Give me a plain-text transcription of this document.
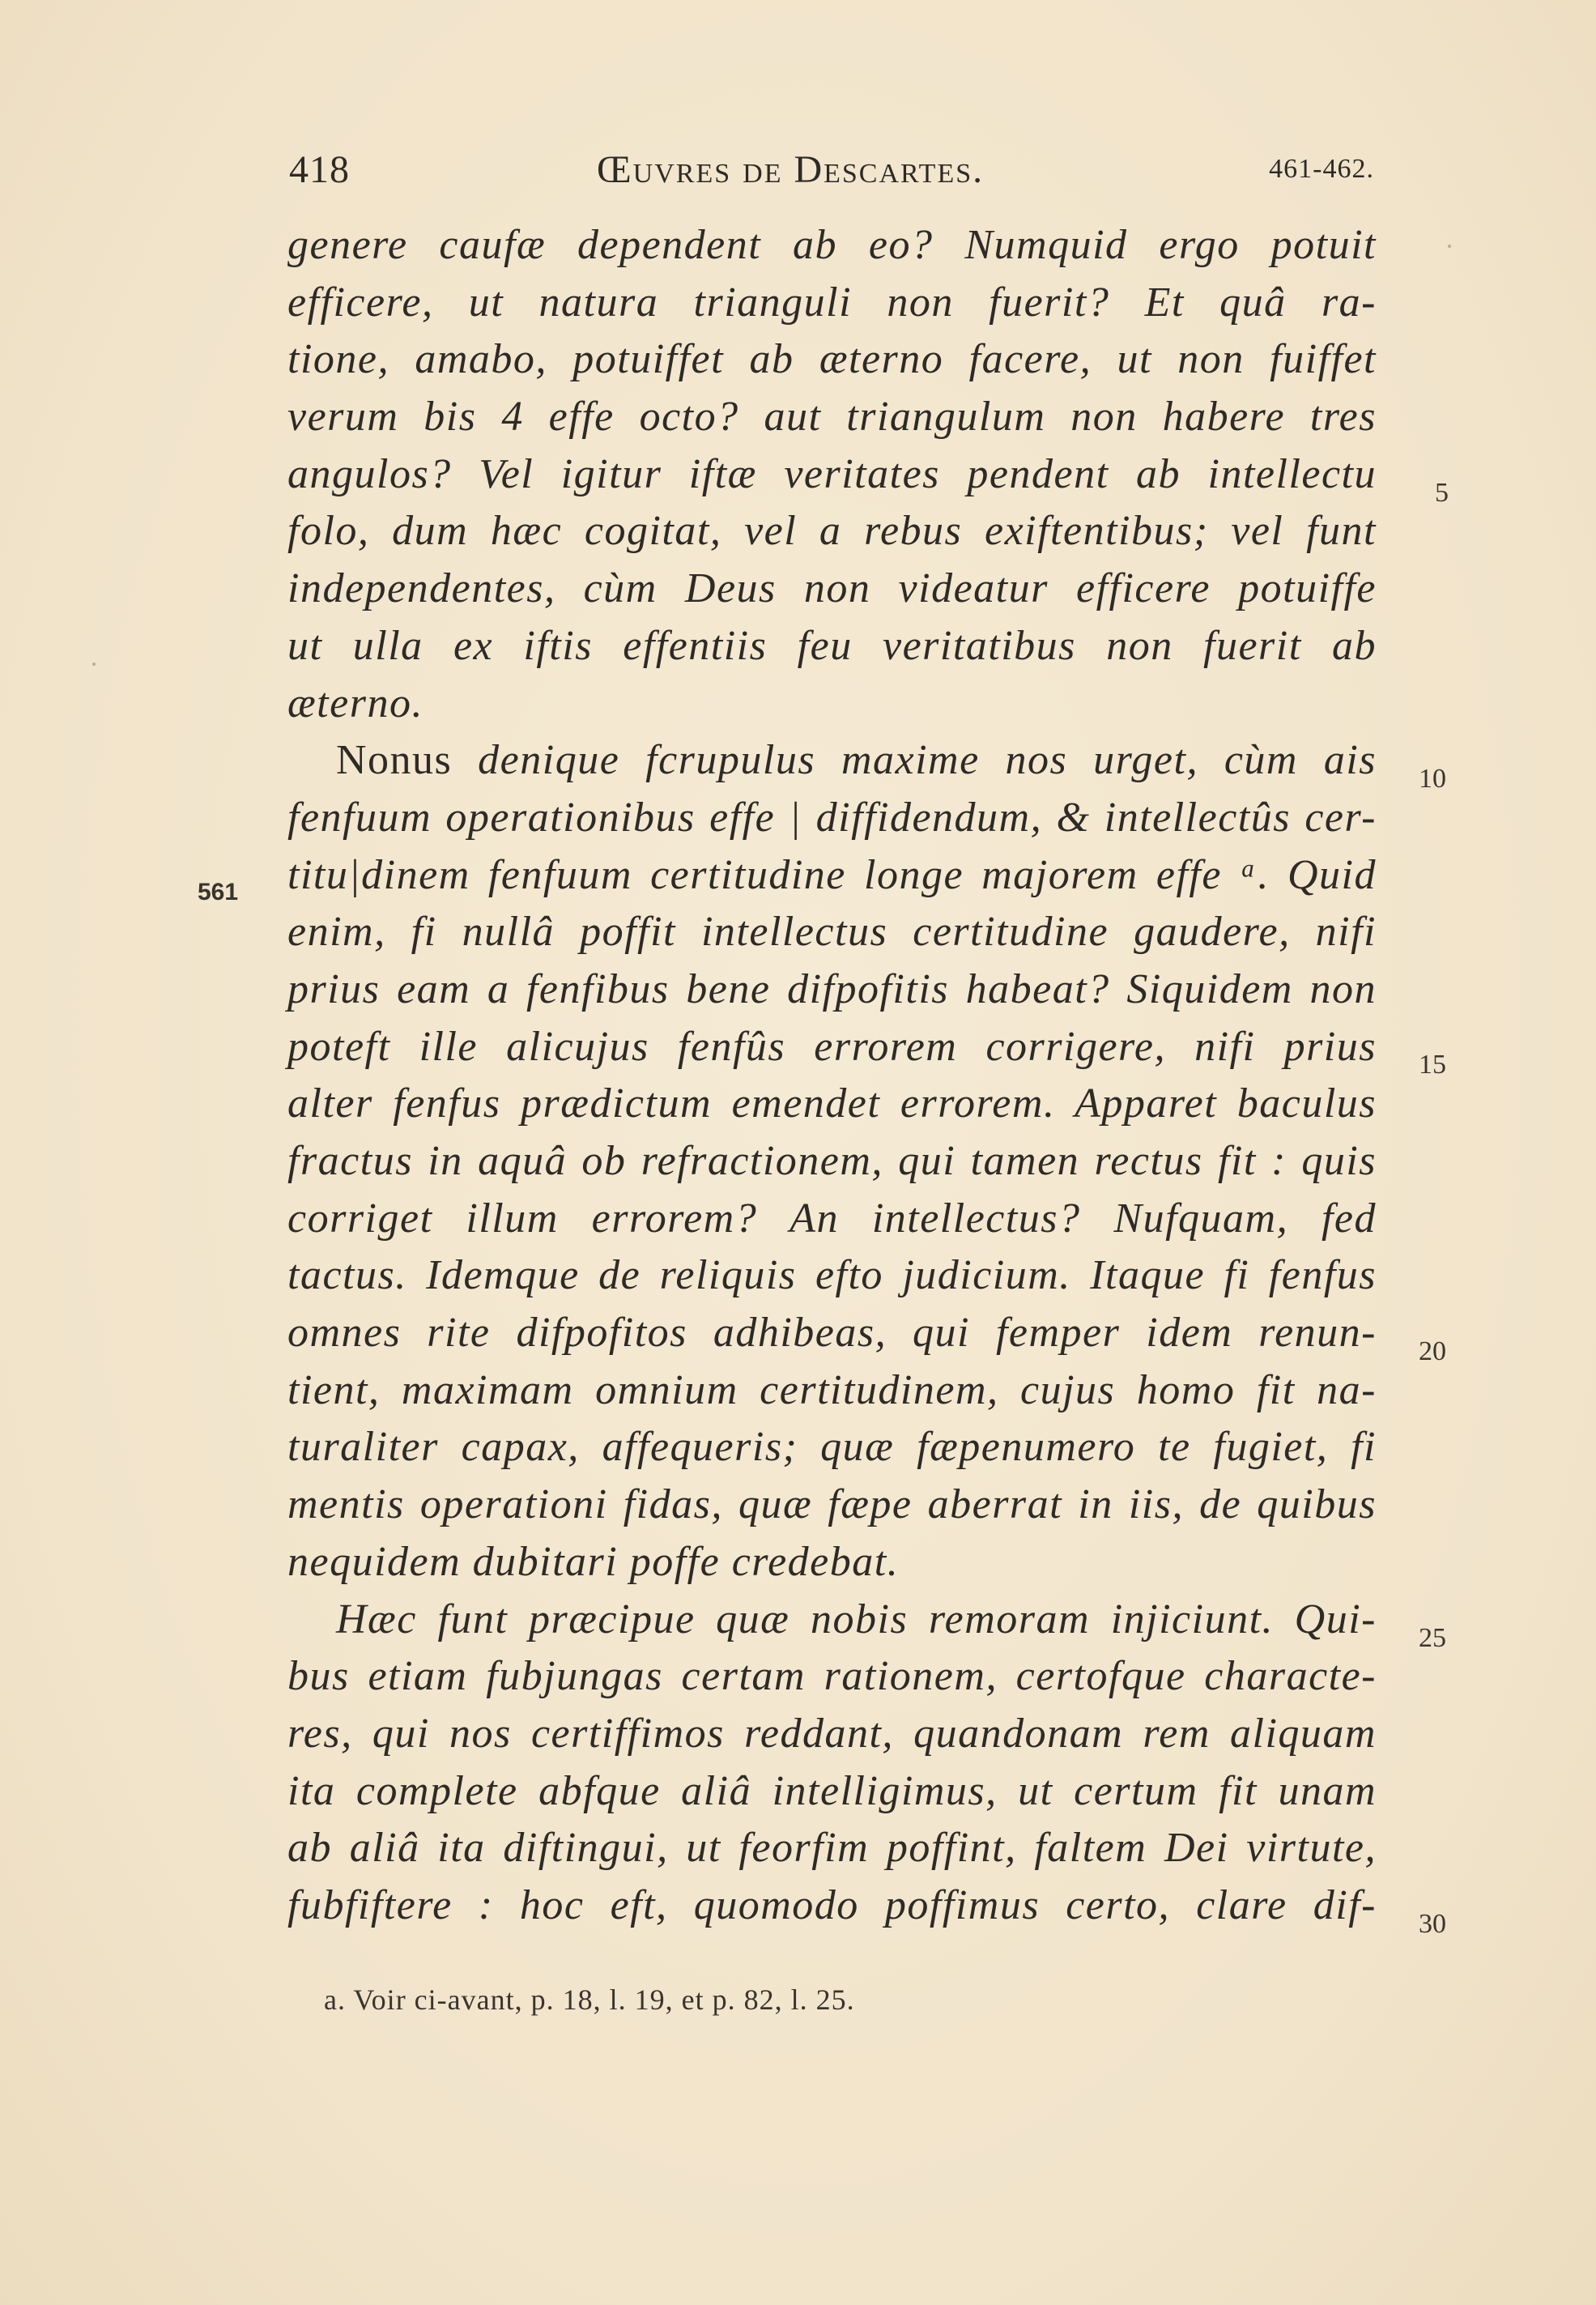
418	Œuvres de Descartes.	461-462.
genere caufæ dependent ab eo? Numquid ergo potuit
efficere, ut natura trianguli non fuerit? Et quâ ra-
tione, amabo, potuiffet ab æterno facere, ut non fuiffet
verum bis 4 effe octo? aut triangulum non habere tres
angulos? Vel igitur iftæ veritates pendent ab intellectu
folo, dum hæc cogitat, vel a rebus exiftentibus; vel funt
independentes, cùm Deus non videatur efficere potuiffe
ut ulla ex iftis effentiis feu veritatibus non fuerit ab
æterno.
Nonus denique fcrupulus maxime nos urget, cùm ais
fenfuum operationibus effe | diffidendum, & intellectûs cer-
titu|dinem fenfuum certitudine longe majorem effe ᵃ. Quid
enim, fi nullâ poffit intellectus certitudine gaudere, nifi
prius eam a fenfibus bene difpofitis habeat? Siquidem non
poteft ille alicujus fenfûs errorem corrigere, nifi prius
alter fenfus prædictum emendet errorem. Apparet baculus
fractus in aquâ ob refractionem, qui tamen rectus fit : quis
corriget illum errorem? An intellectus? Nufquam, fed
tactus. Idemque de reliquis efto judicium. Itaque fi fenfus
omnes rite difpofitos adhibeas, qui femper idem renun-
tient, maximam omnium certitudinem, cujus homo fit na-
turaliter capax, affequeris; quæ fæpenumero te fugiet, fi
mentis operationi fidas, quæ fæpe aberrat in iis, de quibus
nequidem dubitari poffe credebat.
Hæc funt præcipue quæ nobis remoram injiciunt. Qui-
bus etiam fubjungas certam rationem, certofque characte-
res, qui nos certiffimos reddant, quandonam rem aliquam
ita complete abfque aliâ intelligimus, ut certum fit unam
ab aliâ ita diftingui, ut feorfim poffint, faltem Dei virtute,
fubfiftere : hoc eft, quomodo poffimus certo, clare dif-
5
10
15
20
25
30
561
a. Voir ci-avant, p. 18, l. 19, et p. 82, l. 25.
